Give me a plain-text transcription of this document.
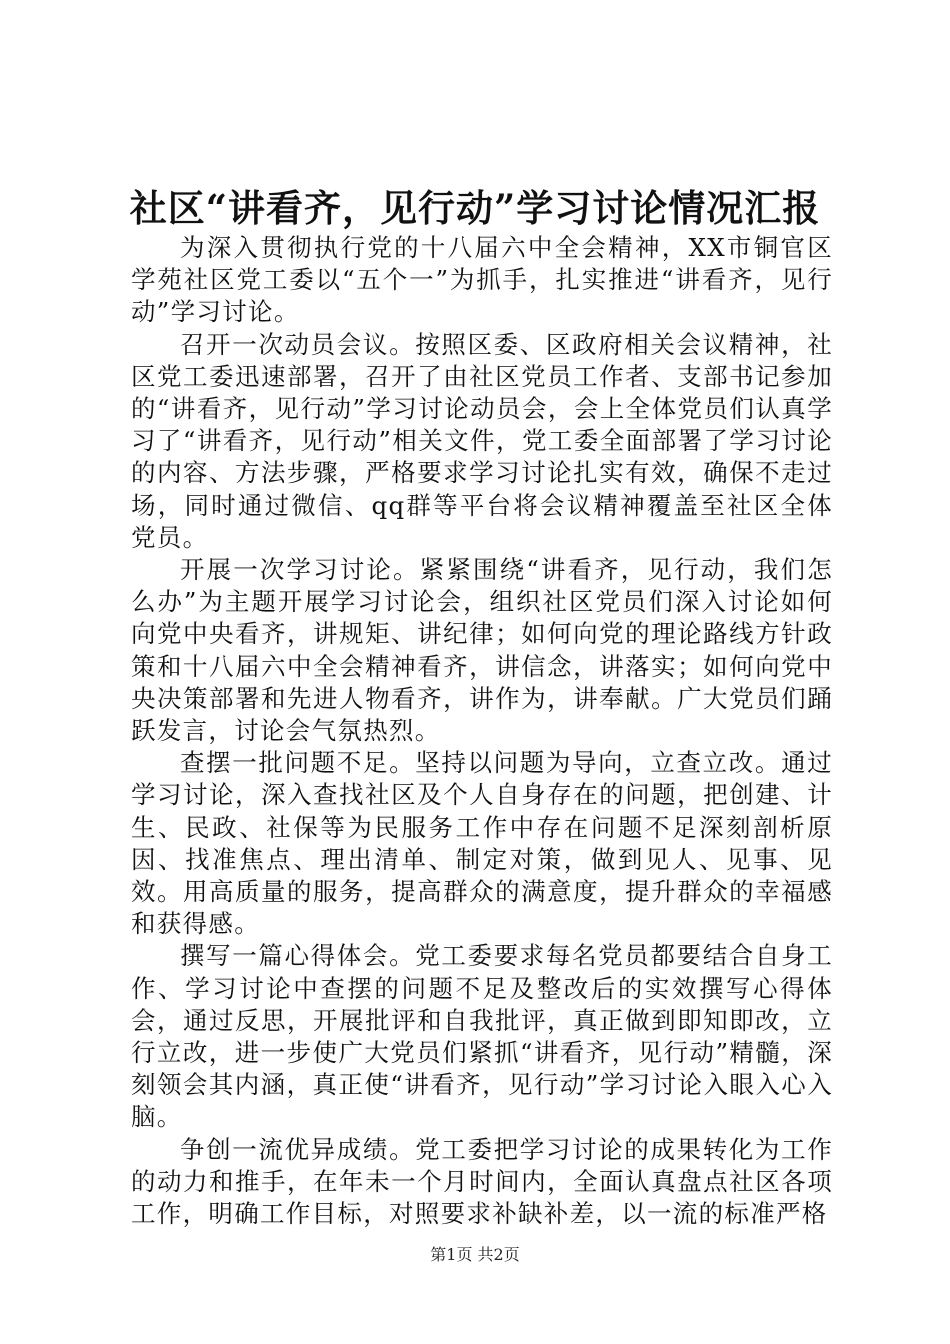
社区“讲看齐，见行动”学习讨论情况汇报

为深入贯彻执行党的十八届六中全会精神，XX市铜官区学苑社区党工委以“五个一”为抓手，扎实推进“讲看齐，见行动”学习讨论。

召开一次动员会议。按照区委、区政府相关会议精神，社区党工委迅速部署，召开了由社区党员工作者、支部书记参加的“讲看齐，见行动”学习讨论动员会，会上全体党员们认真学习了“讲看齐，见行动”相关文件，党工委全面部署了学习讨论的内容、方法步骤，严格要求学习讨论扎实有效，确保不走过场，同时通过微信、qq群等平台将会议精神覆盖至社区全体党员。

开展一次学习讨论。紧紧围绕“讲看齐，见行动，我们怎么办”为主题开展学习讨论会，组织社区党员们深入讨论如何向党中央看齐，讲规矩、讲纪律；如何向党的理论路线方针政策和十八届六中全会精神看齐，讲信念，讲落实；如何向党中央决策部署和先进人物看齐，讲作为，讲奉献。广大党员们踊跃发言，讨论会气氛热烈。

查摆一批问题不足。坚持以问题为导向，立查立改。通过学习讨论，深入查找社区及个人自身存在的问题，把创建、计生、民政、社保等为民服务工作中存在问题不足深刻剖析原因、找准焦点、理出清单、制定对策，做到见人、见事、见效。用高质量的服务，提高群众的满意度，提升群众的幸福感和获得感。

撰写一篇心得体会。党工委要求每名党员都要结合自身工作、学习讨论中查摆的问题不足及整改后的实效撰写心得体会，通过反思，开展批评和自我批评，真正做到即知即改，立行立改，进一步使广大党员们紧抓“讲看齐，见行动”精髓，深刻领会其内涵，真正使“讲看齐，见行动”学习讨论入眼入心入脑。

争创一流优异成绩。党工委把学习讨论的成果转化为工作的动力和推手，在年未一个月时间内，全面认真盘点社区各项工作，明确工作目标，对照要求补缺补差，以一流的标准严格

第1页 共2页
